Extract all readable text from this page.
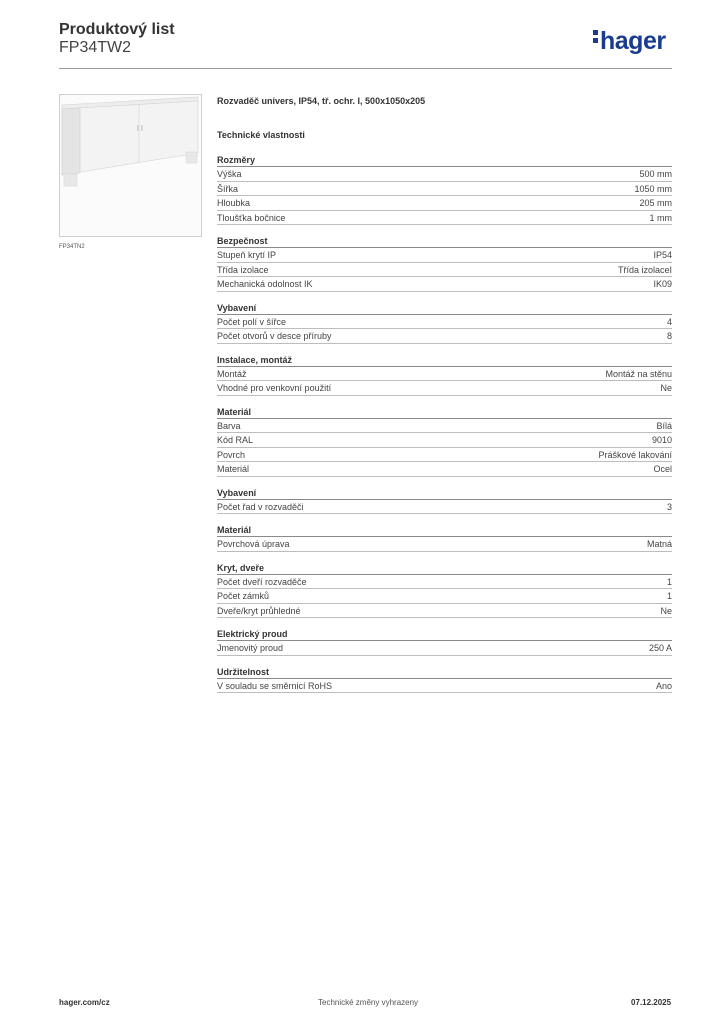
Produktový list
FP34TW2	hager
FP34TN2
Rozvaděč univers, IP54, tř. ochr. I, 500x1050x205
Technické vlastnosti
Rozměry
Výška	500 mm
Šířka	1050 mm
Hloubka	205 mm
Tloušťka bočnice	1 mm
Bezpečnost
Stupeň krytí IP	IP54
Třída izolace	Třída izolaceI
Mechanická odolnost IK	IK09
Vybavení
Počet polí v šířce	4
Počet otvorů v desce příruby	8
Instalace, montáž
Montáž	Montáž na stěnu
Vhodné pro venkovní použití	Ne
Materiál
Barva	Bílá
Kód RAL	9010
Povrch	Práškové lakování
Materiál	Ocel
Vybavení
Počet řad v rozvaděči	3
Materiál
Povrchová úprava	Matná
Kryt, dveře
Počet dveří rozvaděče	1
Počet zámků	1
Dveře/kryt průhledné	Ne
Elektrický proud
Jmenovitý proud	250 A
Udržitelnost
V souladu se směrnicí RoHS	Ano
hager.com/cz	Technické změny vyhrazeny	07.12.2025
